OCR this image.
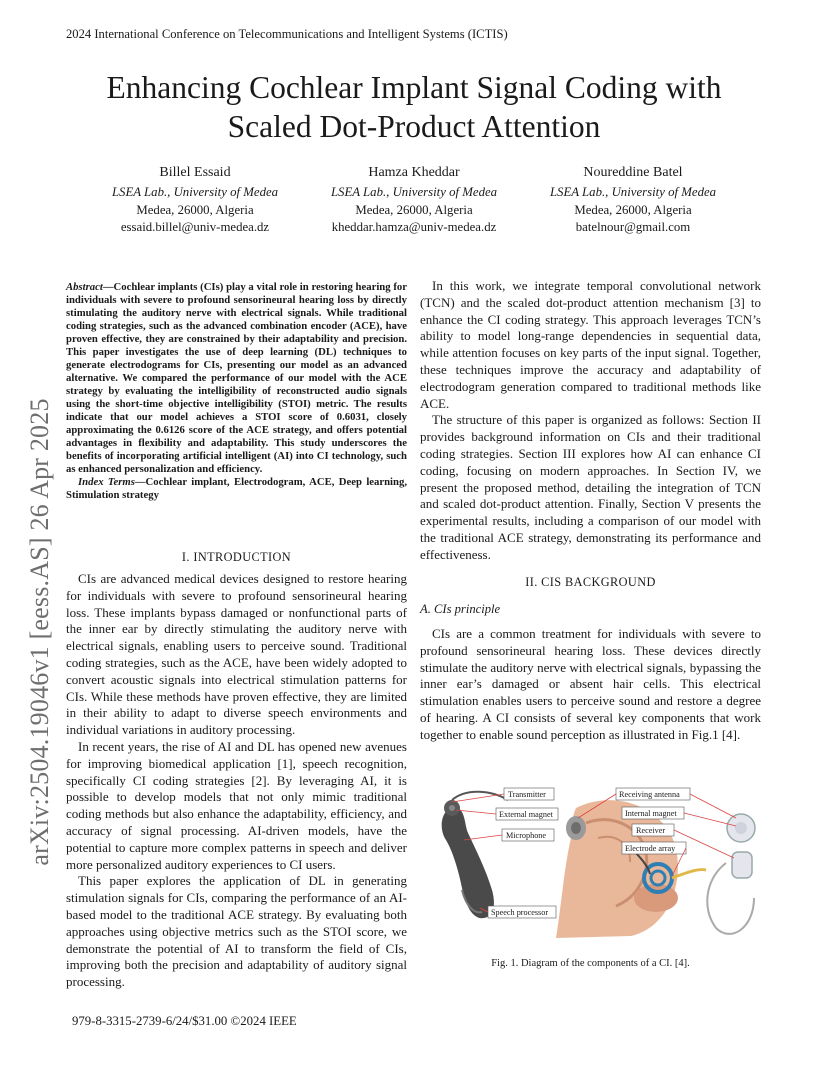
2024 International Conference on Telecommunications and Intelligent Systems (ICTIS)
Enhancing Cochlear Implant Signal Coding with
Scaled Dot-Product Attention
Billel Essaid
LSEA Lab., University of Medea
Medea, 26000, Algeria
essaid.billel@univ-medea.dz
Hamza Kheddar
LSEA Lab., University of Medea
Medea, 26000, Algeria
kheddar.hamza@univ-medea.dz
Noureddine Batel
LSEA Lab., University of Medea
Medea, 26000, Algeria
batelnour@gmail.com
arXiv:2504.19046v1 [eess.AS] 26 Apr 2025

Abstract—Cochlear implants (CIs) play a vital role in restoring hearing for individuals with severe to profound sensorineural hearing loss by directly stimulating the auditory nerve with electrical signals. While traditional coding strategies, such as the advanced combination encoder (ACE), have proven effective, they are constrained by their adaptability and precision. This paper investigates the use of deep learning (DL) techniques to generate electrodograms for CIs, presenting our model as an advanced alternative. We compared the performance of our model with the ACE strategy by evaluating the intelligibility of reconstructed audio signals using the short-time objective intelligibility (STOI) metric. The results indicate that our model achieves a STOI score of 0.6031, closely approximating the 0.6126 score of the ACE strategy, and offers potential advantages in flexibility and adaptability. This study underscores the benefits of incorporating artificial intelligent (AI) into CI technology, such as enhanced personalization and efficiency.

Index Terms—Cochlear implant, Electrodogram, ACE, Deep learning, Stimulation strategy

I. INTRODUCTION

CIs are advanced medical devices designed to restore hearing for individuals with severe to profound sensorineural hearing loss. These implants bypass damaged or nonfunctional parts of the inner ear by directly stimulating the auditory nerve with electrical signals, enabling users to perceive sound. Traditional coding strategies, such as the ACE, have been widely adopted to convert acoustic signals into electrical stimulation patterns for CIs. While these methods have proven effective, they are limited in their ability to adapt to diverse speech environments and individual variations in auditory processing.

In recent years, the rise of AI and DL has opened new avenues for improving biomedical application [1], speech recognition, specifically CI coding strategies [2]. By leveraging AI, it is possible to develop models that not only mimic traditional coding methods but also enhance the adaptability, efficiency, and accuracy of signal processing. AI-driven models, have the potential to capture more complex patterns in speech and deliver more personalized auditory experiences to CI users.

This paper explores the application of DL in generating stimulation signals for CIs, comparing the performance of an AI-based model to the traditional ACE strategy. By evaluating both approaches using objective metrics such as the STOI score, we demonstrate the potential of AI to transform the field of CIs, improving both the precision and adaptability of auditory signal processing.

In this work, we integrate temporal convolutional network (TCN) and the scaled dot-product attention mechanism [3] to enhance the CI coding strategy. This approach leverages TCN’s ability to model long-range dependencies in sequential data, while attention focuses on key parts of the input signal. Together, these techniques improve the accuracy and adaptability of electrodogram generation compared to traditional methods like ACE.

The structure of this paper is organized as follows: Section II provides background information on CIs and their traditional coding strategies. Section III explores how AI can enhance CI coding, focusing on modern approaches. In Section IV, we present the proposed method, detailing the integration of TCN and scaled dot-product attention. Finally, Section V presents the experimental results, including a comparison of our model with the traditional ACE strategy, demonstrating its performance and effectiveness.

II. CIS BACKGROUND
A. CIs principle

CIs are a common treatment for individuals with severe to profound sensorineural hearing loss. These devices directly stimulate the auditory nerve with electrical signals, bypassing the inner ear’s damaged or absent hair cells. This electrical stimulation enables users to perceive sound and restore a degree of hearing. A CI consists of several key components that work together to enable sound perception as illustrated in Fig.1 [4].

Transmitter
External magnet
Microphone
Speech processor
Receiving antenna
Internal magnet
Receiver
Electrode array
Fig. 1. Diagram of the components of a CI. [4].
979-8-3315-2739-6/24/$31.00 ©2024 IEEE
